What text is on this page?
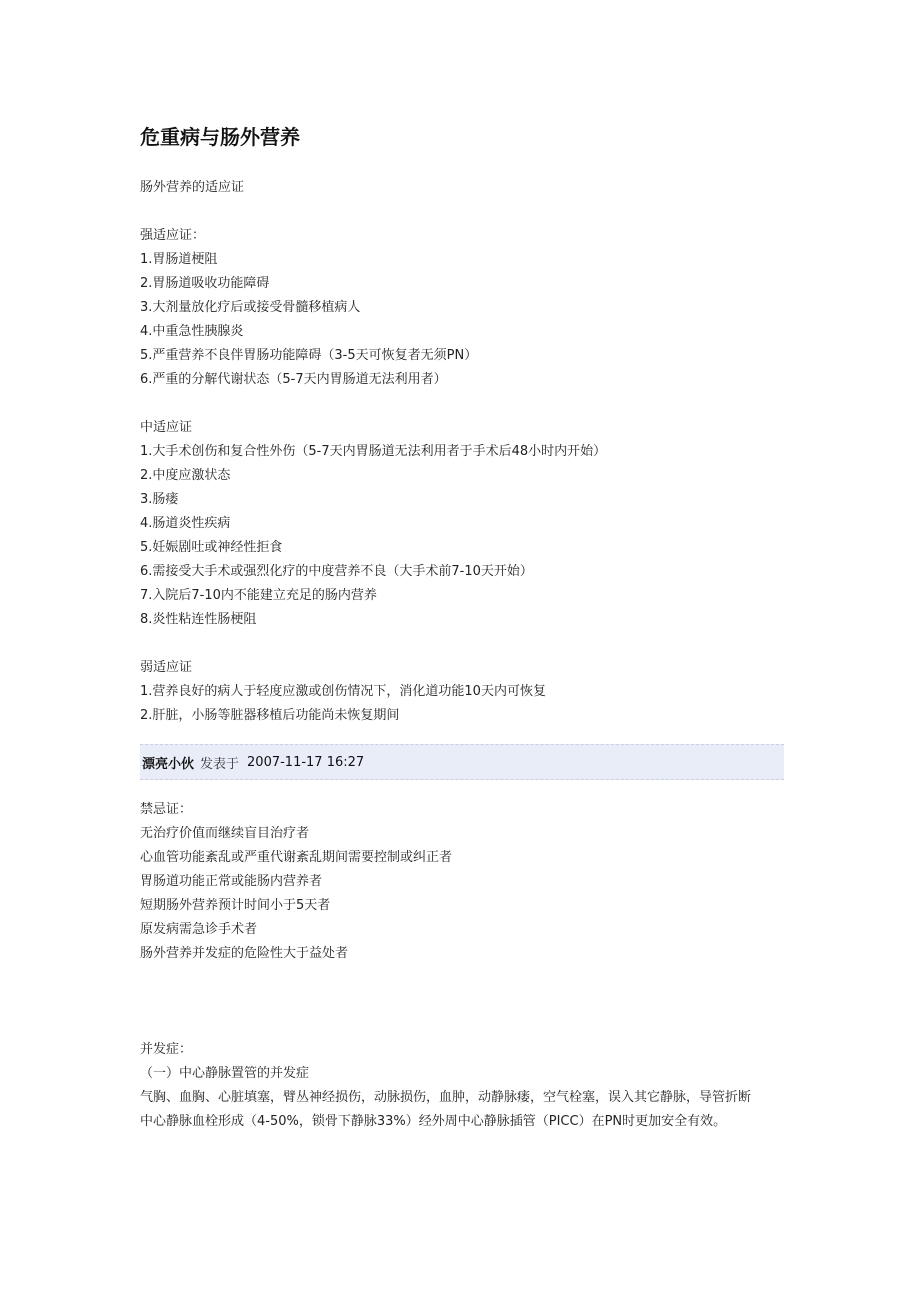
危重病与肠外营养
肠外营养的适应证
强适应证：
1.胃肠道梗阻
2.胃肠道吸收功能障碍
3.大剂量放化疗后或接受骨髓移植病人
4.中重急性胰腺炎
5.严重营养不良伴胃肠功能障碍（3-5天可恢复者无须PN）
6.严重的分解代谢状态（5-7天内胃肠道无法利用者）
中适应证
1.大手术创伤和复合性外伤（5-7天内胃肠道无法利用者于手术后48小时内开始）
2.中度应激状态
3.肠瘘
4.肠道炎性疾病
5.妊娠剧吐或神经性拒食
6.需接受大手术或强烈化疗的中度营养不良（大手术前7-10天开始）
7.入院后7-10内不能建立充足的肠内营养
8.炎性粘连性肠梗阻
弱适应证
1.营养良好的病人于轻度应激或创伤情况下，消化道功能10天内可恢复
2.肝脏，小肠等脏器移植后功能尚未恢复期间
漂亮小伙 发表于 2007-11-17 16:27
禁忌证：
无治疗价值而继续盲目治疗者
心血管功能紊乱或严重代谢紊乱期间需要控制或纠正者
胃肠道功能正常或能肠内营养者
短期肠外营养预计时间小于5天者
原发病需急诊手术者
肠外营养并发症的危险性大于益处者
并发症：
（一）中心静脉置管的并发症
气胸、血胸、心脏填塞，臂丛神经损伤，动脉损伤，血肿，动静脉瘘，空气栓塞，误入其它静脉，导管折断
中心静脉血栓形成（4-50%，锁骨下静脉33%）经外周中心静脉插管（PICC）在PN时更加安全有效。
